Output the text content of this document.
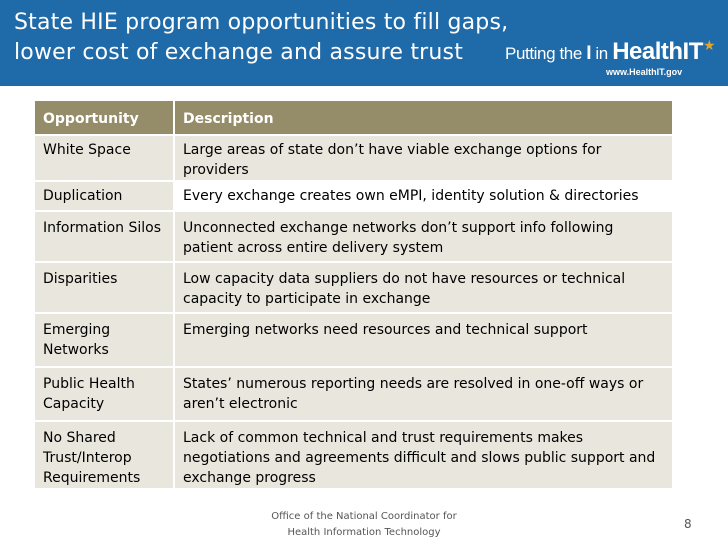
State HIE program opportunities to fill gaps,
lower cost of exchange and assure trust	Putting the I in HealthIT ★
www.HealthIT.gov
Opportunity	Description
White Space	Large areas of state don’t have viable exchange options for providers
Duplication	Every exchange creates own eMPI, identity solution & directories
Information Silos	Unconnected exchange networks don’t support info following patient across entire delivery system
Disparities	Low capacity data suppliers do not have resources or technical capacity to participate in exchange
Emerging Networks	Emerging networks need resources and technical support
Public Health Capacity	States’ numerous reporting needs are resolved in one-off ways or aren’t electronic
No Shared Trust/Interop Requirements	Lack of common technical and trust requirements makes negotiations and agreements difficult and slows public support and exchange progress
Office of the National Coordinator for
Health Information Technology
8
